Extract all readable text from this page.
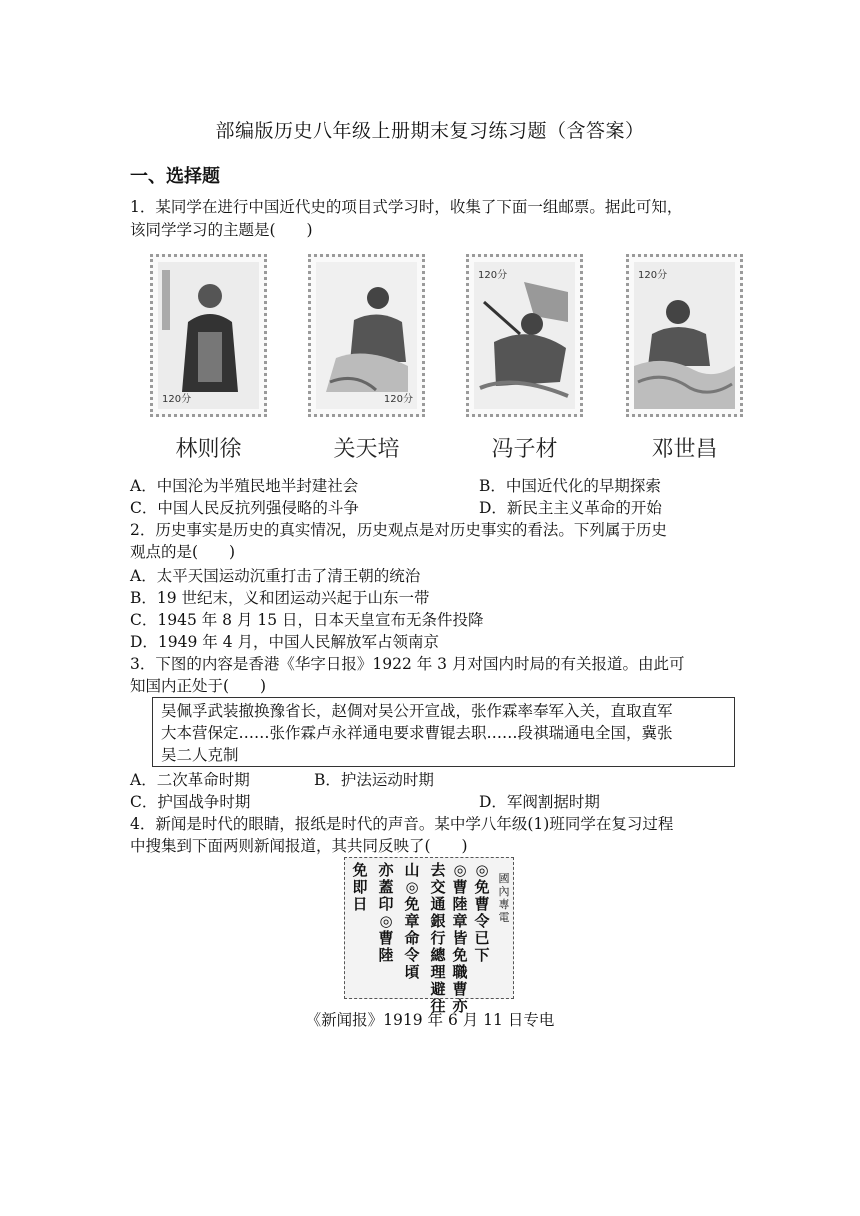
部编版历史八年级上册期末复习练习题（含答案）
一、选择题
1．某同学在进行中国近代史的项目式学习时，收集了下面一组邮票。据此可知，
该同学学习的主题是(　　)
120分	120分
120分	120分
林则徐	关天培	冯子材	邓世昌
A．中国沦为半殖民地半封建社会	B．中国近代化的早期探索
C．中国人民反抗列强侵略的斗争	D．新民主主义革命的开始
2．历史事实是历史的真实情况，历史观点是对历史事实的看法。下列属于历史
观点的是(　　)
A．太平天国运动沉重打击了清王朝的统治
B．19 世纪末，义和团运动兴起于山东一带
C．1945 年 8 月 15 日，日本天皇宣布无条件投降
D．1949 年 4 月，中国人民解放军占领南京
3．下图的内容是香港《华字日报》1922 年 3 月对国内时局的有关报道。由此可
知国内正处于(　　)
吴佩孚武装撤换豫省长，赵倜对吴公开宣战，张作霖率奉军入关，直取直军
大本营保定……张作霖卢永祥通电要求曹锟去职……段祺瑞通电全国，冀张
吴二人克制
A．二次革命时期	B．护法运动时期
C．护国战争时期	D．军阀割据时期
4．新闻是时代的眼睛，报纸是时代的声音。某中学八年级(1)班同学在复习过程
中搜集到下面两则新闻报道，其共同反映了(　　)
國內專電
◎免曹令已下
◎曹陸章皆免職曹亦
去交通銀行總理避往
山◎免章命令頃
亦蓋印◎曹陸
免即日
《新闻报》1919 年 6 月 11 日专电
